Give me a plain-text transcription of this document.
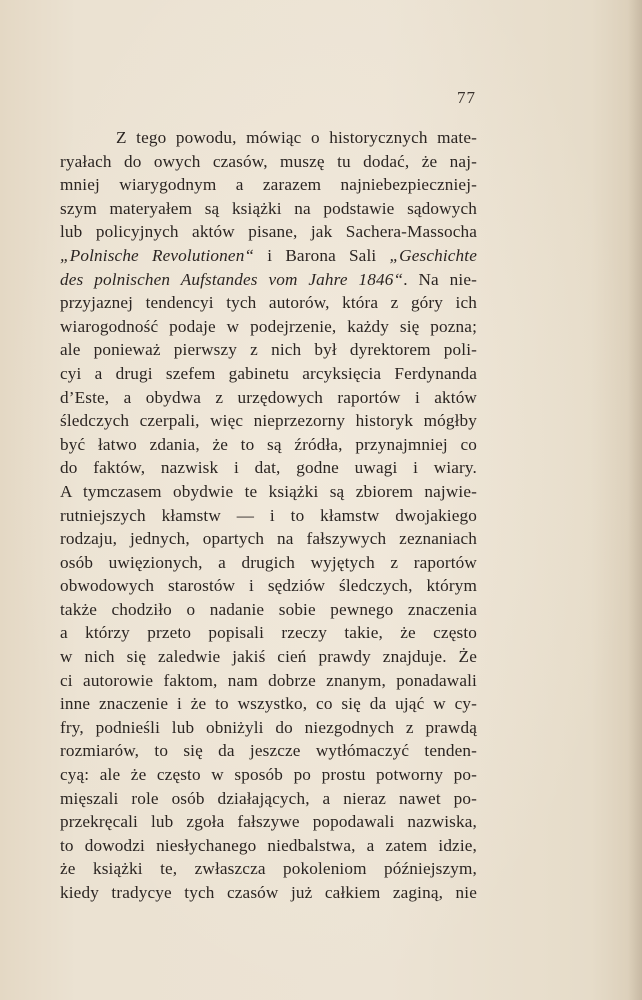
77
Z tego powodu, mówiąc o historycznych mate-
ryałach do owych czasów, muszę tu dodać, że naj-
mniej wiarygodnym a zarazem najniebezpieczniej-
szym materyałem są książki na podstawie sądowych
lub policyjnych aktów pisane, jak Sachera-Massocha
„Polnische Revolutionen“ i Barona Sali „Geschichte
des polnischen Aufstandes vom Jahre 1846“. Na nie-
przyjaznej tendencyi tych autorów, która z góry ich
wiarogodność podaje w podejrzenie, każdy się pozna;
ale ponieważ pierwszy z nich był dyrektorem poli-
cyi a drugi szefem gabinetu arcyksięcia Ferdynanda
d’Este, a obydwa z urzędowych raportów i aktów
śledczych czerpali, więc nieprzezorny historyk mógłby
być łatwo zdania, że to są źródła, przynajmniej co
do faktów, nazwisk i dat, godne uwagi i wiary.
A tymczasem obydwie te książki są zbiorem najwie-
rutniejszych kłamstw — i to kłamstw dwojakiego
rodzaju, jednych, opartych na fałszywych zeznaniach
osób uwięzionych, a drugich wyjętych z raportów
obwodowych starostów i sędziów śledczych, którym
także chodziło o nadanie sobie pewnego znaczenia
a którzy przeto popisali rzeczy takie, że często
w nich się zaledwie jakiś cień prawdy znajduje. Że
ci autorowie faktom, nam dobrze znanym, ponadawali
inne znaczenie i że to wszystko, co się da ująć w cy-
fry, podnieśli lub obniżyli do niezgodnych z prawdą
rozmiarów, to się da jeszcze wytłómaczyć tenden-
cyą: ale że często w sposób po prostu potworny po-
mięszali role osób działających, a nieraz nawet po-
przekręcali lub zgoła fałszywe popodawali nazwiska,
to dowodzi niesłychanego niedbalstwa, a zatem idzie,
że książki te, zwłaszcza pokoleniom późniejszym,
kiedy tradycye tych czasów już całkiem zaginą, nie
